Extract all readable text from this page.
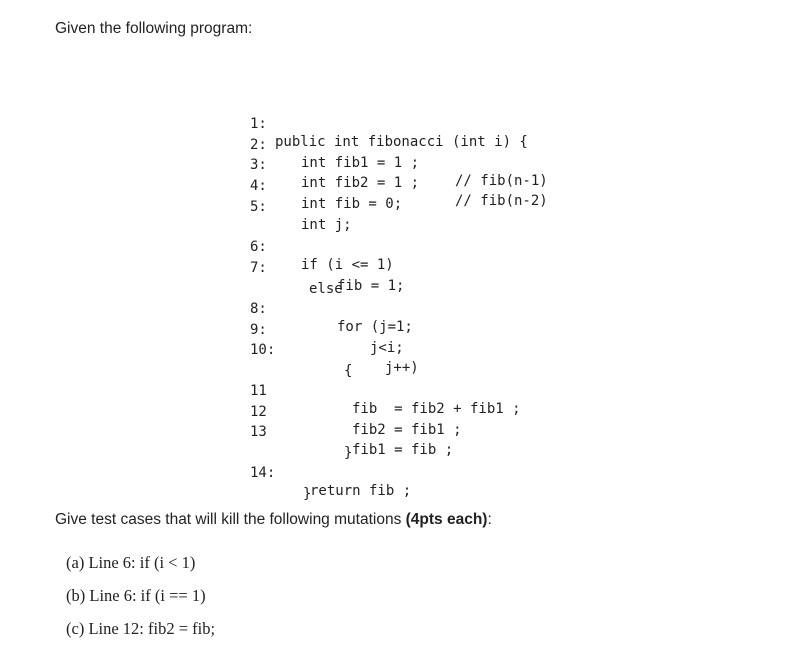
Given the following program:

1:

public int fibonacci (int i) {

2:

int fib1 = 1 ;

// fib(n-1)

3:

int fib2 = 1 ;

// fib(n-2)

4:

int fib = 0;

5:

int j;

6:

if (i <= 1)

7:

fib = 1;

else

8:

for (j=1;

9:

j<i;

10:

j++)

{

11

fib  = fib2 + fib1 ;

12

fib2 = fib1 ;

13

fib1 = fib ;

}

14:

return fib ;

}

Give test cases that will kill the following mutations (4pts each):
(a) Line 6: if (i < 1)
(b) Line 6: if (i == 1)
(c) Line 12: fib2 = fib;
